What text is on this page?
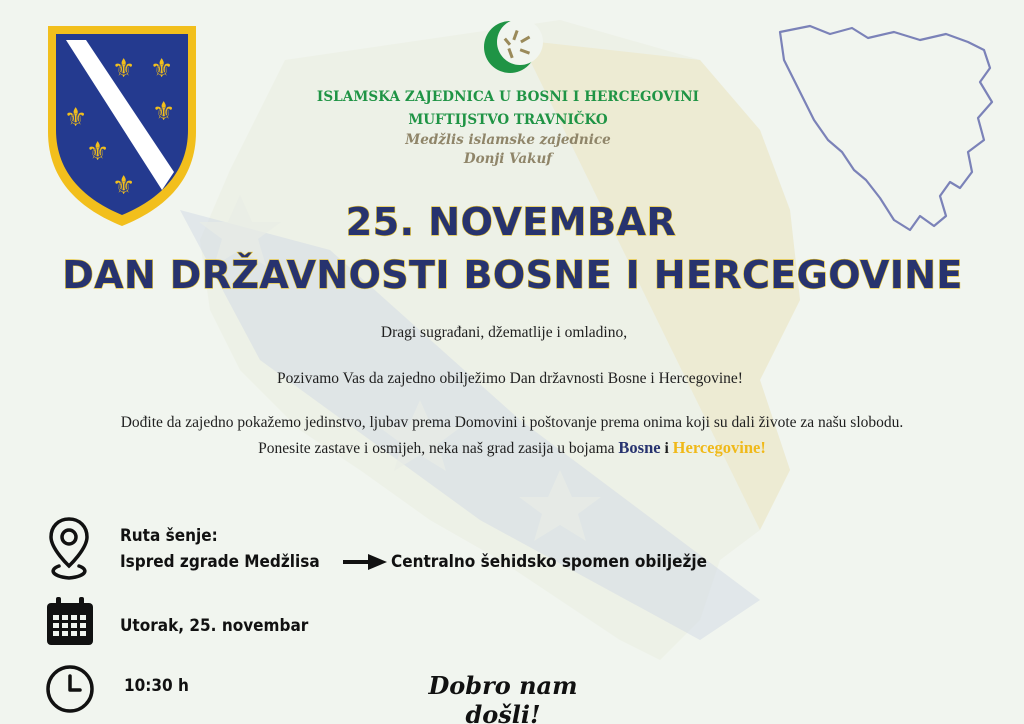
⚜ ⚜
⚜
⚜
⚜
⚜
ISLAMSKA ZAJEDNICA U BOSNI I HERCEGOVINI
MUFTIJSTVO TRAVNIČKO
Medžlis islamske zajednice
Donji Vakuf
25. NOVEMBAR
DAN DRŽAVNOSTI BOSNE I HERCEGOVINE
Dragi sugrađani, džematlije i omladino,
Pozivamo Vas da zajedno obilježimo Dan državnosti Bosne i Hercegovine!
Dođite da zajedno pokažemo jedinstvo, ljubav prema Domovini i poštovanje prema onima koji su dali živote za našu slobodu.
Ponesite zastave i osmijeh, neka naš grad zasija u bojama Bosne i Hercegovine!
Ruta šenje:
Ispred zgrade Medžlisa	Centralno šehidsko spomen obilježje
Utorak, 25. novembar
10:30 h	Dobro nam došli!
